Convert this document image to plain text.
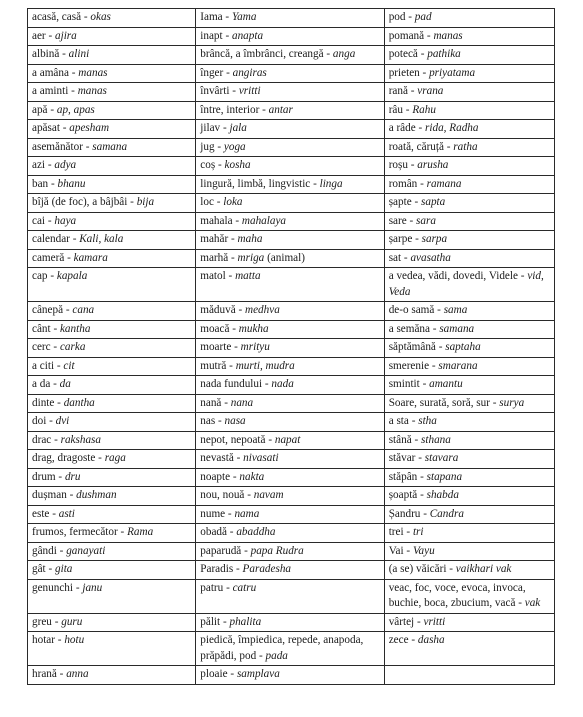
acasă, casă - okas	Iama - Yama	pod - pad
aer - ajira	inapt - anapta	pomană - manas
albină - alini	brâncă, a îmbrânci, creangă - anga	potecă - pathika
a amâna - manas	înger - angiras	prieten - priyatama
a aminti - manas	învârti - vritti	rană - vrana
apă - ap, apas	între, interior - antar	râu - Rahu
apăsat - apesham	jilav - jala	a râde - rida, Radha
asemănător - samana	jug - yoga	roată, căruță - ratha
azi - adya	coș - kosha	roșu - arusha
ban - bhanu	lingură, limbă, lingvistic - linga	român - ramana
bîjă (de foc), a bâjbâi - bija	loc - loka	șapte - sapta
cai - haya	mahala - mahalaya	sare - sara
calendar - Kali, kala	mahăr - maha	șarpe - sarpa
cameră - kamara	marhă - mriga (animal)	sat - avasatha
cap - kapala	matol - matta	a vedea, vădi, dovedi, Videle - vid, Veda
cânepă - cana	măduvă - medhva	de-o samă - sama
cânt - kantha	moacă - mukha	a semăna - samana
cerc - carka	moarte - mrityu	săptămână - saptaha
a citi - cit	mutră - murti, mudra	smerenie - smarana
a da - da	nada fundului - nada	smintit - amantu
dinte - dantha	nană - nana	Soare, surată, soră, sur - surya
doi - dvi	nas - nasa	a sta - stha
drac - rakshasa	nepot, nepoată - napat	stână - sthana
drag, dragoste - raga	nevastă - nivasati	stăvar - stavara
drum - dru	noapte - nakta	stăpân - stapana
dușman - dushman	nou, nouă - navam	șoaptă - shabda
este - asti	nume - nama	Șandru - Candra
frumos, fermecător - Rama	obadă - abaddha	trei - tri
gândi - ganayati	paparudă - papa Rudra	Vai - Vayu
gât - gita	Paradis - Paradesha	(a se) văicări - vaikhari vak
genunchi - janu	patru - catru	veac, foc, voce, evoca, invoca, buchie, boca, zbucium, vacă - vak
greu - guru	pălit - phalita	vârtej - vritti
hotar - hotu	piedică, împiedica, repede, anapoda, prăpădi, pod - pada	zece - dasha
hrană - anna	ploaie - samplava	
